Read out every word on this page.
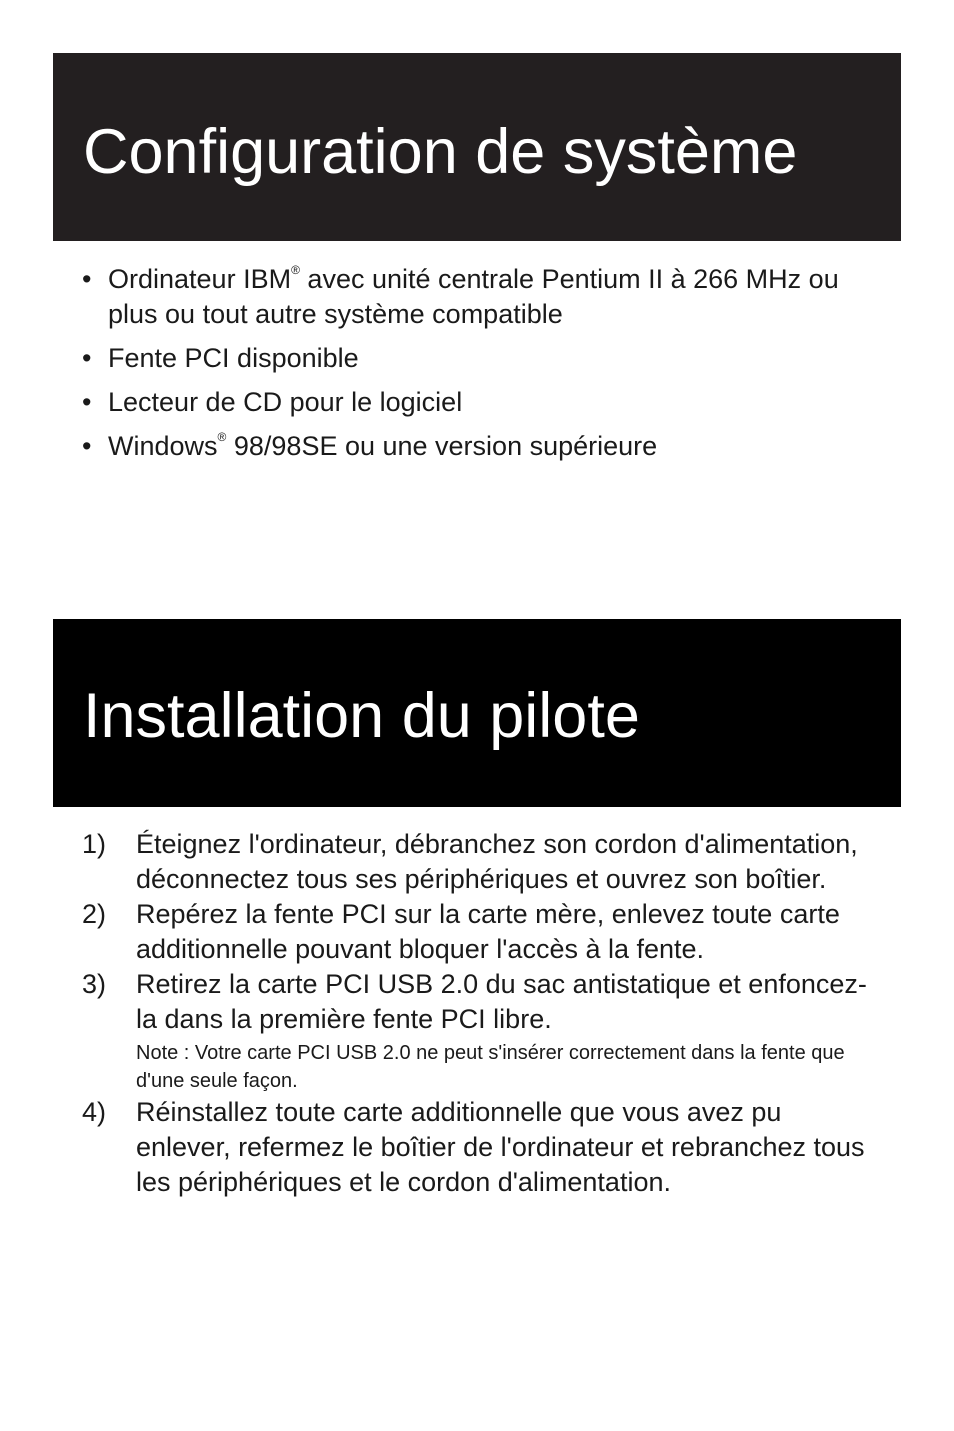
Configuration de système
• Ordinateur IBM® avec unité centrale Pentium II à 266 MHz ou plus ou tout autre système compatible
• Fente PCI disponible
• Lecteur de CD pour le logiciel
• Windows® 98/98SE ou une version supérieure
Installation du pilote
1) Éteignez l'ordinateur, débranchez son cordon d'alimentation, déconnectez tous ses périphériques et ouvrez son boîtier.
2) Repérez la fente PCI sur la carte mère, enlevez toute carte additionnelle pouvant bloquer l'accès à la fente.
3) Retirez la carte PCI USB 2.0 du sac antistatique et enfoncez-la dans la première fente PCI libre.
Note : Votre carte PCI USB 2.0 ne peut s'insérer correctement dans la fente que d'une seule façon.
4) Réinstallez toute carte additionnelle que vous avez pu enlever, refermez le boîtier de l'ordinateur et rebranchez tous les périphériques et le cordon d'alimentation.
